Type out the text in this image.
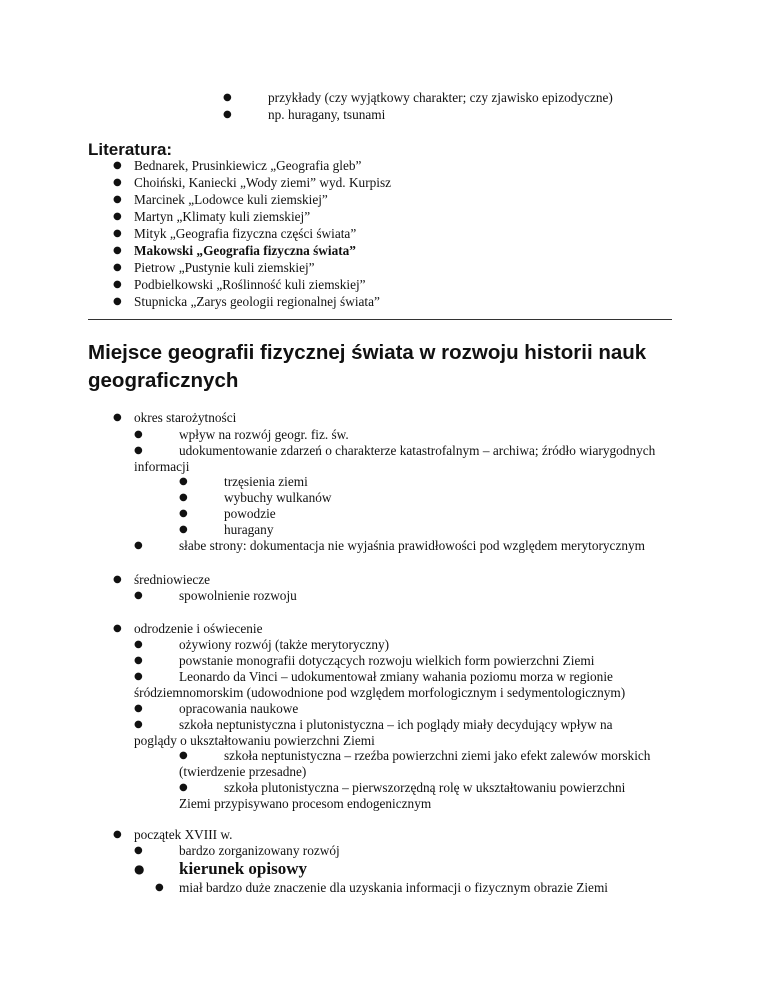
●	przykłady (czy wyjątkowy charakter; czy zjawisko epizodyczne)
●	np. huragany, tsunami
Literatura:
● Bednarek, Prusinkiewicz „Geografia gleb”
● Choiński, Kaniecki „Wody ziemi” wyd. Kurpisz
● Marcinek „Lodowce kuli ziemskiej”
● Martyn „Klimaty kuli ziemskiej”
● Mityk „Geografia fizyczna części świata”
● Makowski „Geografia fizyczna świata”
● Pietrow „Pustynie kuli ziemskiej”
● Podbielkowski „Roślinność kuli ziemskiej”
● Stupnicka „Zarys geologii regionalnej świata”
Miejsce geografii fizycznej świata w rozwoju historii nauk
geograficznych
● okres starożytności
●	wpływ na rozwój geogr. fiz. św.
●	udokumentowanie zdarzeń o charakterze katastrofalnym – archiwa; źródło wiarygodnych
informacji
●	trzęsienia ziemi
●	wybuchy wulkanów
●	powodzie
●	huragany
●	słabe strony: dokumentacja nie wyjaśnia prawidłowości pod względem merytorycznym
● średniowiecze
●	spowolnienie rozwoju
● odrodzenie i oświecenie
●	ożywiony rozwój (także merytoryczny)
●	powstanie monografii dotyczących rozwoju wielkich form powierzchni Ziemi
●	Leonardo da Vinci – udokumentował zmiany wahania poziomu morza w regionie
śródziemnomorskim (udowodnione pod względem morfologicznym i sedymentologicznym)
●	opracowania naukowe
●	szkoła neptunistyczna i plutonistyczna – ich poglądy miały decydujący wpływ na
poglądy o ukształtowaniu powierzchni Ziemi
●	szkoła neptunistyczna – rzeźba powierzchni ziemi jako efekt zalewów morskich
(twierdzenie przesadne)
●	szkoła plutonistyczna – pierwszorzędną rolę w ukształtowaniu powierzchni
Ziemi przypisywano procesom endogenicznym
● początek XVIII w.
●	bardzo zorganizowany rozwój
● kierunek opisowy
● miał bardzo duże znaczenie dla uzyskania informacji o fizycznym obrazie Ziemi
